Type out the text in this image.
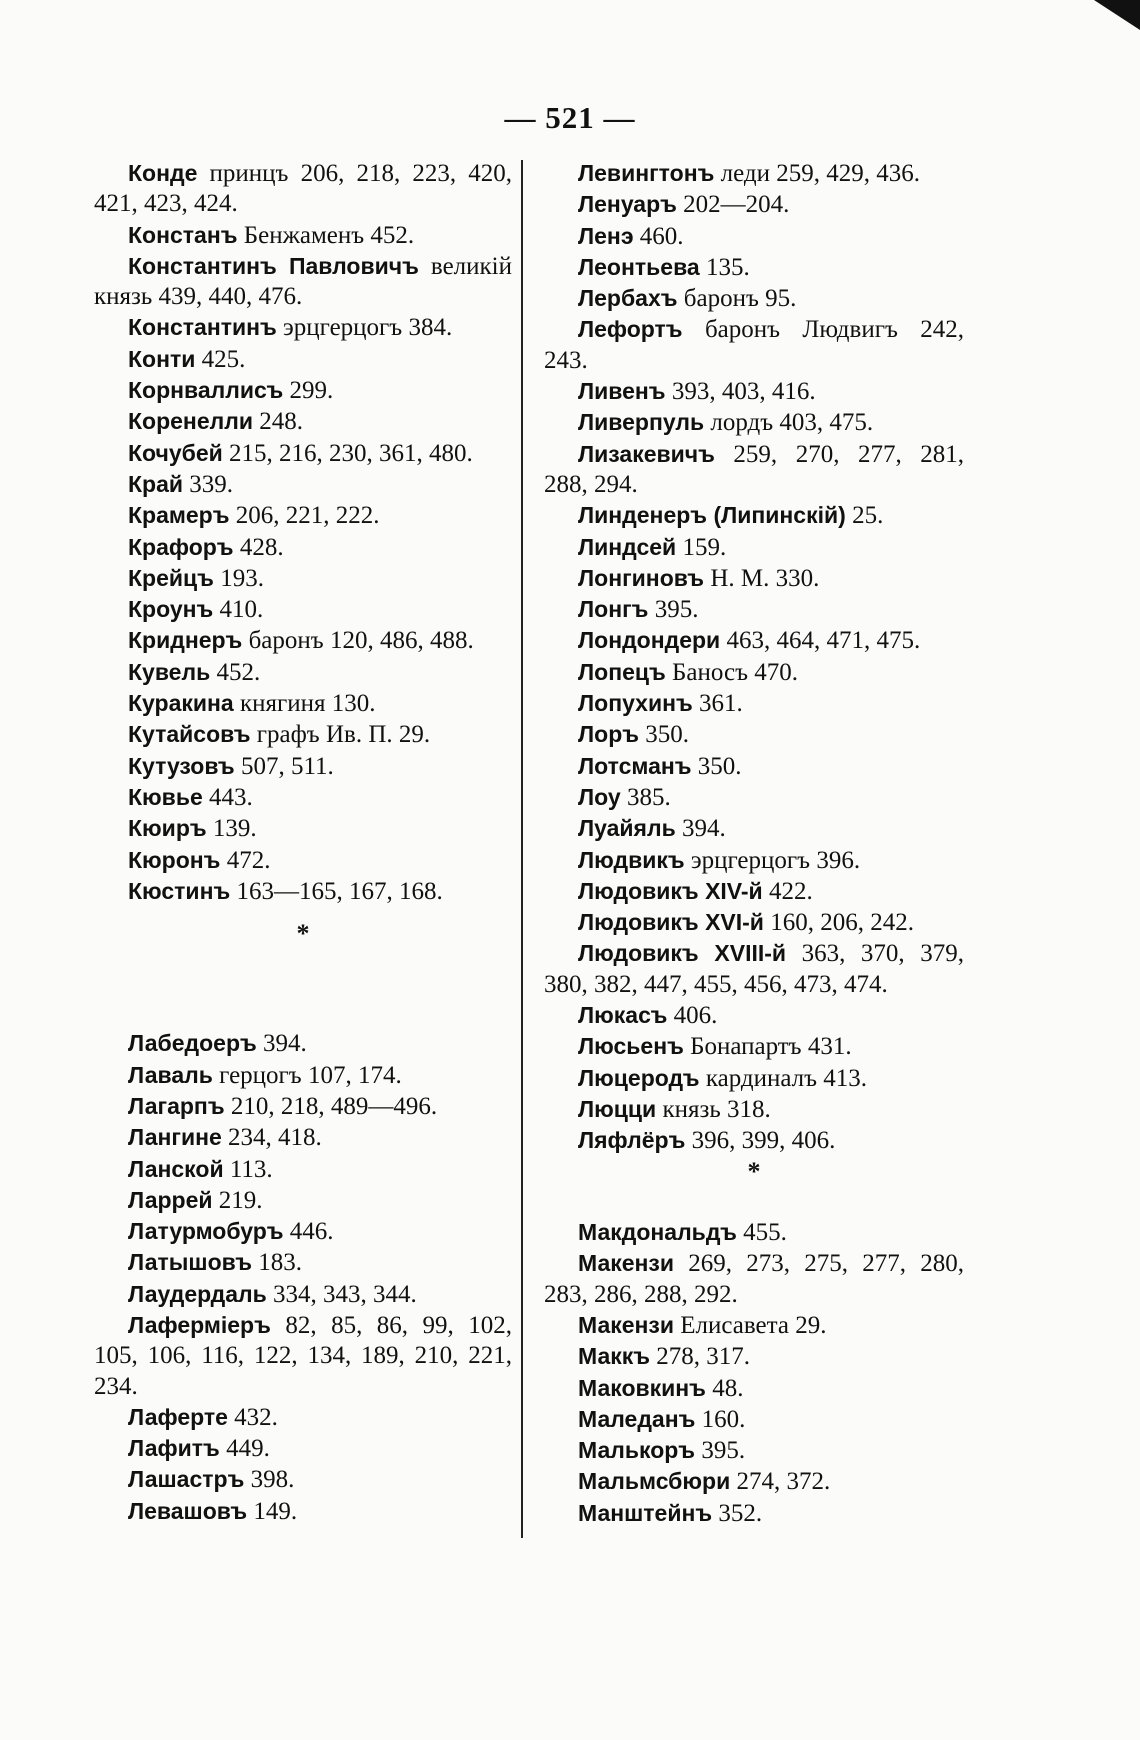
— 521 —

Конде принцъ 206, 218, 223, 420, 421, 423, 424.

Констанъ Бенжаменъ 452.

Константинъ Павловичъ великій князь 439, 440, 476.

Константинъ эрцгерцогъ 384.

Конти 425.

Корнваллисъ 299.

Коренелли 248.

Кочубей 215, 216, 230, 361, 480.

Край 339.

Крамеръ 206, 221, 222.

Крафоръ 428.

Крейцъ 193.

Кроунъ 410.

Криднеръ баронъ 120, 486, 488.

Кувель 452.

Куракина княгиня 130.

Кутайсовъ графъ Ив. П. 29.

Кутузовъ 507, 511.

Кювье 443.

Кюиръ 139.

Кюронъ 472.

Кюстинъ 163—165, 167, 168.

*

Лабедоеръ 394.

Лаваль герцогъ 107, 174.

Лагарпъ 210, 218, 489—496.

Лангине 234, 418.

Ланской 113.

Ларрей 219.

Латурмобуръ 446.

Латышовъ 183.

Лаудердаль 334, 343, 344.

Лаферміеръ 82, 85, 86, 99, 102, 105, 106, 116, 122, 134, 189, 210, 221, 234.

Лаферте 432.

Лафитъ 449.

Лашастръ 398.

Левашовъ 149.

Левингтонъ леди 259, 429, 436.

Ленуаръ 202—204.

Ленэ 460.

Леонтьева 135.

Лербахъ баронъ 95.

Лефортъ баронъ Людвигъ 242, 243.

Ливенъ 393, 403, 416.

Ливерпуль лордъ 403, 475.

Лизакевичъ 259, 270, 277, 281, 288, 294.

Линденеръ (Липинскій) 25.

Линдсей 159.

Лонгиновъ Н. М. 330.

Лонгъ 395.

Лондондери 463, 464, 471, 475.

Лопецъ Баносъ 470.

Лопухинъ 361.

Лоръ 350.

Лотсманъ 350.

Лоу 385.

Луайяль 394.

Людвикъ эрцгерцогъ 396.

Людовикъ XIV-й 422.

Людовикъ XVI-й 160, 206, 242.

Людовикъ XVIII-й 363, 370, 379, 380, 382, 447, 455, 456, 473, 474.

Люкасъ 406.

Люсьенъ Бонапартъ 431.

Люцеродъ кардиналъ 413.

Люцци князь 318.

Ляфлёръ 396, 399, 406.

*

Макдональдъ 455.

Макензи 269, 273, 275, 277, 280, 283, 286, 288, 292.

Макензи Елисавета 29.

Маккъ 278, 317.

Маковкинъ 48.

Маледанъ 160.

Малькоръ 395.

Мальмсбюри 274, 372.

Манштейнъ 352.
